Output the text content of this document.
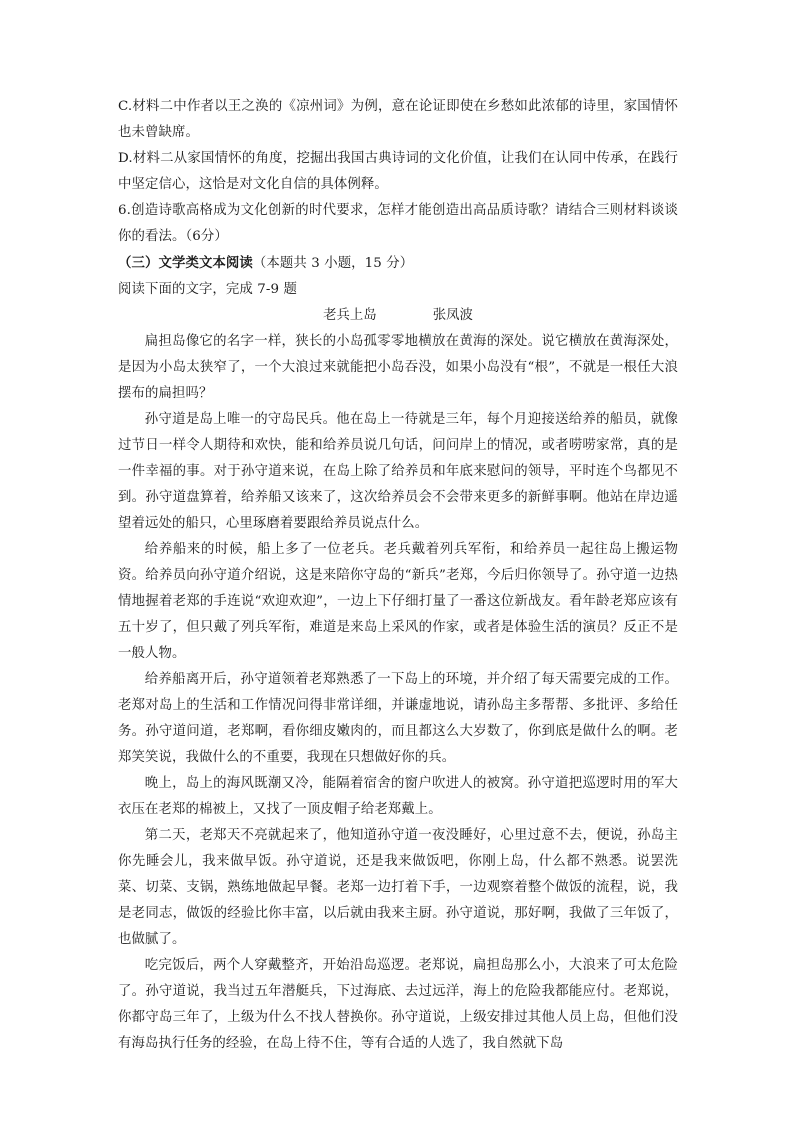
C.材料二中作者以王之涣的《凉州词》为例，意在论证即使在乡愁如此浓郁的诗里，家国情怀也未曾缺席。

D.材料二从家国情怀的角度，挖掘出我国古典诗词的文化价值，让我们在认同中传承，在践行中坚定信心，这恰是对文化自信的具体例释。

6.创造诗歌高格成为文化创新的时代要求，怎样才能创造出高品质诗歌？请结合三则材料谈谈你的看法。（6分）

（三）文学类文本阅读（本题共 3 小题，15 分）

阅读下面的文字，完成 7-9 题

老兵上岛	张凤波

扁担岛像它的名字一样，狭长的小岛孤零零地横放在黄海的深处。说它横放在黄海深处，是因为小岛太狭窄了，一个大浪过来就能把小岛吞没，如果小岛没有“根”，不就是一根任大浪摆布的扁担吗？

孙守道是岛上唯一的守岛民兵。他在岛上一待就是三年，每个月迎接送给养的船员，就像过节日一样令人期待和欢快，能和给养员说几句话，问问岸上的情况，或者唠唠家常，真的是一件幸福的事。对于孙守道来说，在岛上除了给养员和年底来慰问的领导，平时连个鸟都见不到。孙守道盘算着，给养船又该来了，这次给养员会不会带来更多的新鲜事啊。他站在岸边遥望着远处的船只，心里琢磨着要跟给养员说点什么。

给养船来的时候，船上多了一位老兵。老兵戴着列兵军衔，和给养员一起往岛上搬运物资。给养员向孙守道介绍说，这是来陪你守岛的“新兵”老郑，今后归你领导了。孙守道一边热情地握着老郑的手连说“欢迎欢迎”，一边上下仔细打量了一番这位新战友。看年龄老郑应该有五十岁了，但只戴了列兵军衔，难道是来岛上采风的作家，或者是体验生活的演员？反正不是一般人物。

给养船离开后，孙守道领着老郑熟悉了一下岛上的环境，并介绍了每天需要完成的工作。老郑对岛上的生活和工作情况问得非常详细，并谦虚地说，请孙岛主多帮帮、多批评、多给任务。孙守道问道，老郑啊，看你细皮嫩肉的，而且都这么大岁数了，你到底是做什么的啊。老郑笑笑说，我做什么的不重要，我现在只想做好你的兵。

晚上，岛上的海风既潮又冷，能隔着宿舍的窗户吹进人的被窝。孙守道把巡逻时用的军大衣压在老郑的棉被上，又找了一顶皮帽子给老郑戴上。

第二天，老郑天不亮就起来了，他知道孙守道一夜没睡好，心里过意不去，便说，孙岛主你先睡会儿，我来做早饭。孙守道说，还是我来做饭吧，你刚上岛，什么都不熟悉。说罢洗菜、切菜、支锅，熟练地做起早餐。老郑一边打着下手，一边观察着整个做饭的流程，说，我是老同志，做饭的经验比你丰富，以后就由我来主厨。孙守道说，那好啊，我做了三年饭了，也做腻了。

吃完饭后，两个人穿戴整齐，开始沿岛巡逻。老郑说，扁担岛那么小，大浪来了可太危险了。孙守道说，我当过五年潜艇兵，下过海底、去过远洋，海上的危险我都能应付。老郑说，你都守岛三年了，上级为什么不找人替换你。孙守道说，上级安排过其他人员上岛，但他们没有海岛执行任务的经验，在岛上待不住，等有合适的人选了，我自然就下岛
